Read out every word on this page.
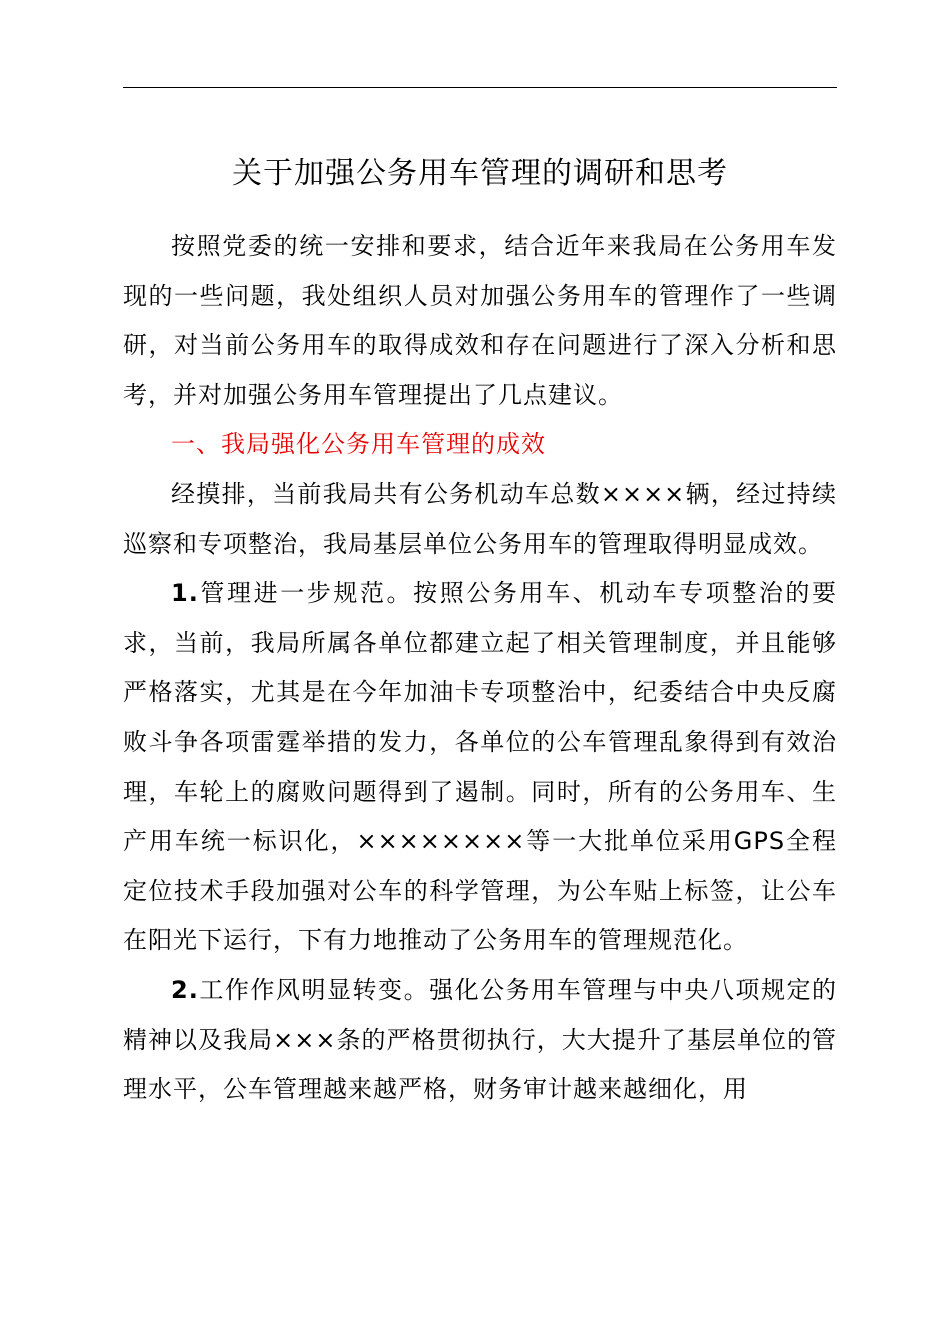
关于加强公务用车管理的调研和思考

按照党委的统一安排和要求，结合近年来我局在公务用车发现的一些问题，我处组织人员对加强公务用车的管理作了一些调研，对当前公务用车的取得成效和存在问题进行了深入分析和思考，并对加强公务用车管理提出了几点建议。

一、我局强化公务用车管理的成效

经摸排，当前我局共有公务机动车总数××××辆，经过持续巡察和专项整治，我局基层单位公务用车的管理取得明显成效。

1.管理进一步规范。按照公务用车、机动车专项整治的要求，当前，我局所属各单位都建立起了相关管理制度，并且能够严格落实，尤其是在今年加油卡专项整治中，纪委结合中央反腐败斗争各项雷霆举措的发力，各单位的公车管理乱象得到有效治理，车轮上的腐败问题得到了遏制。同时，所有的公务用车、生产用车统一标识化，××××××××等一大批单位采用GPS全程定位技术手段加强对公车的科学管理，为公车贴上标签，让公车在阳光下运行，下有力地推动了公务用车的管理规范化。

2.工作作风明显转变。强化公务用车管理与中央八项规定的精神以及我局×××条的严格贯彻执行，大大提升了基层单位的管理水平，公车管理越来越严格，财务审计越来越细化，用
